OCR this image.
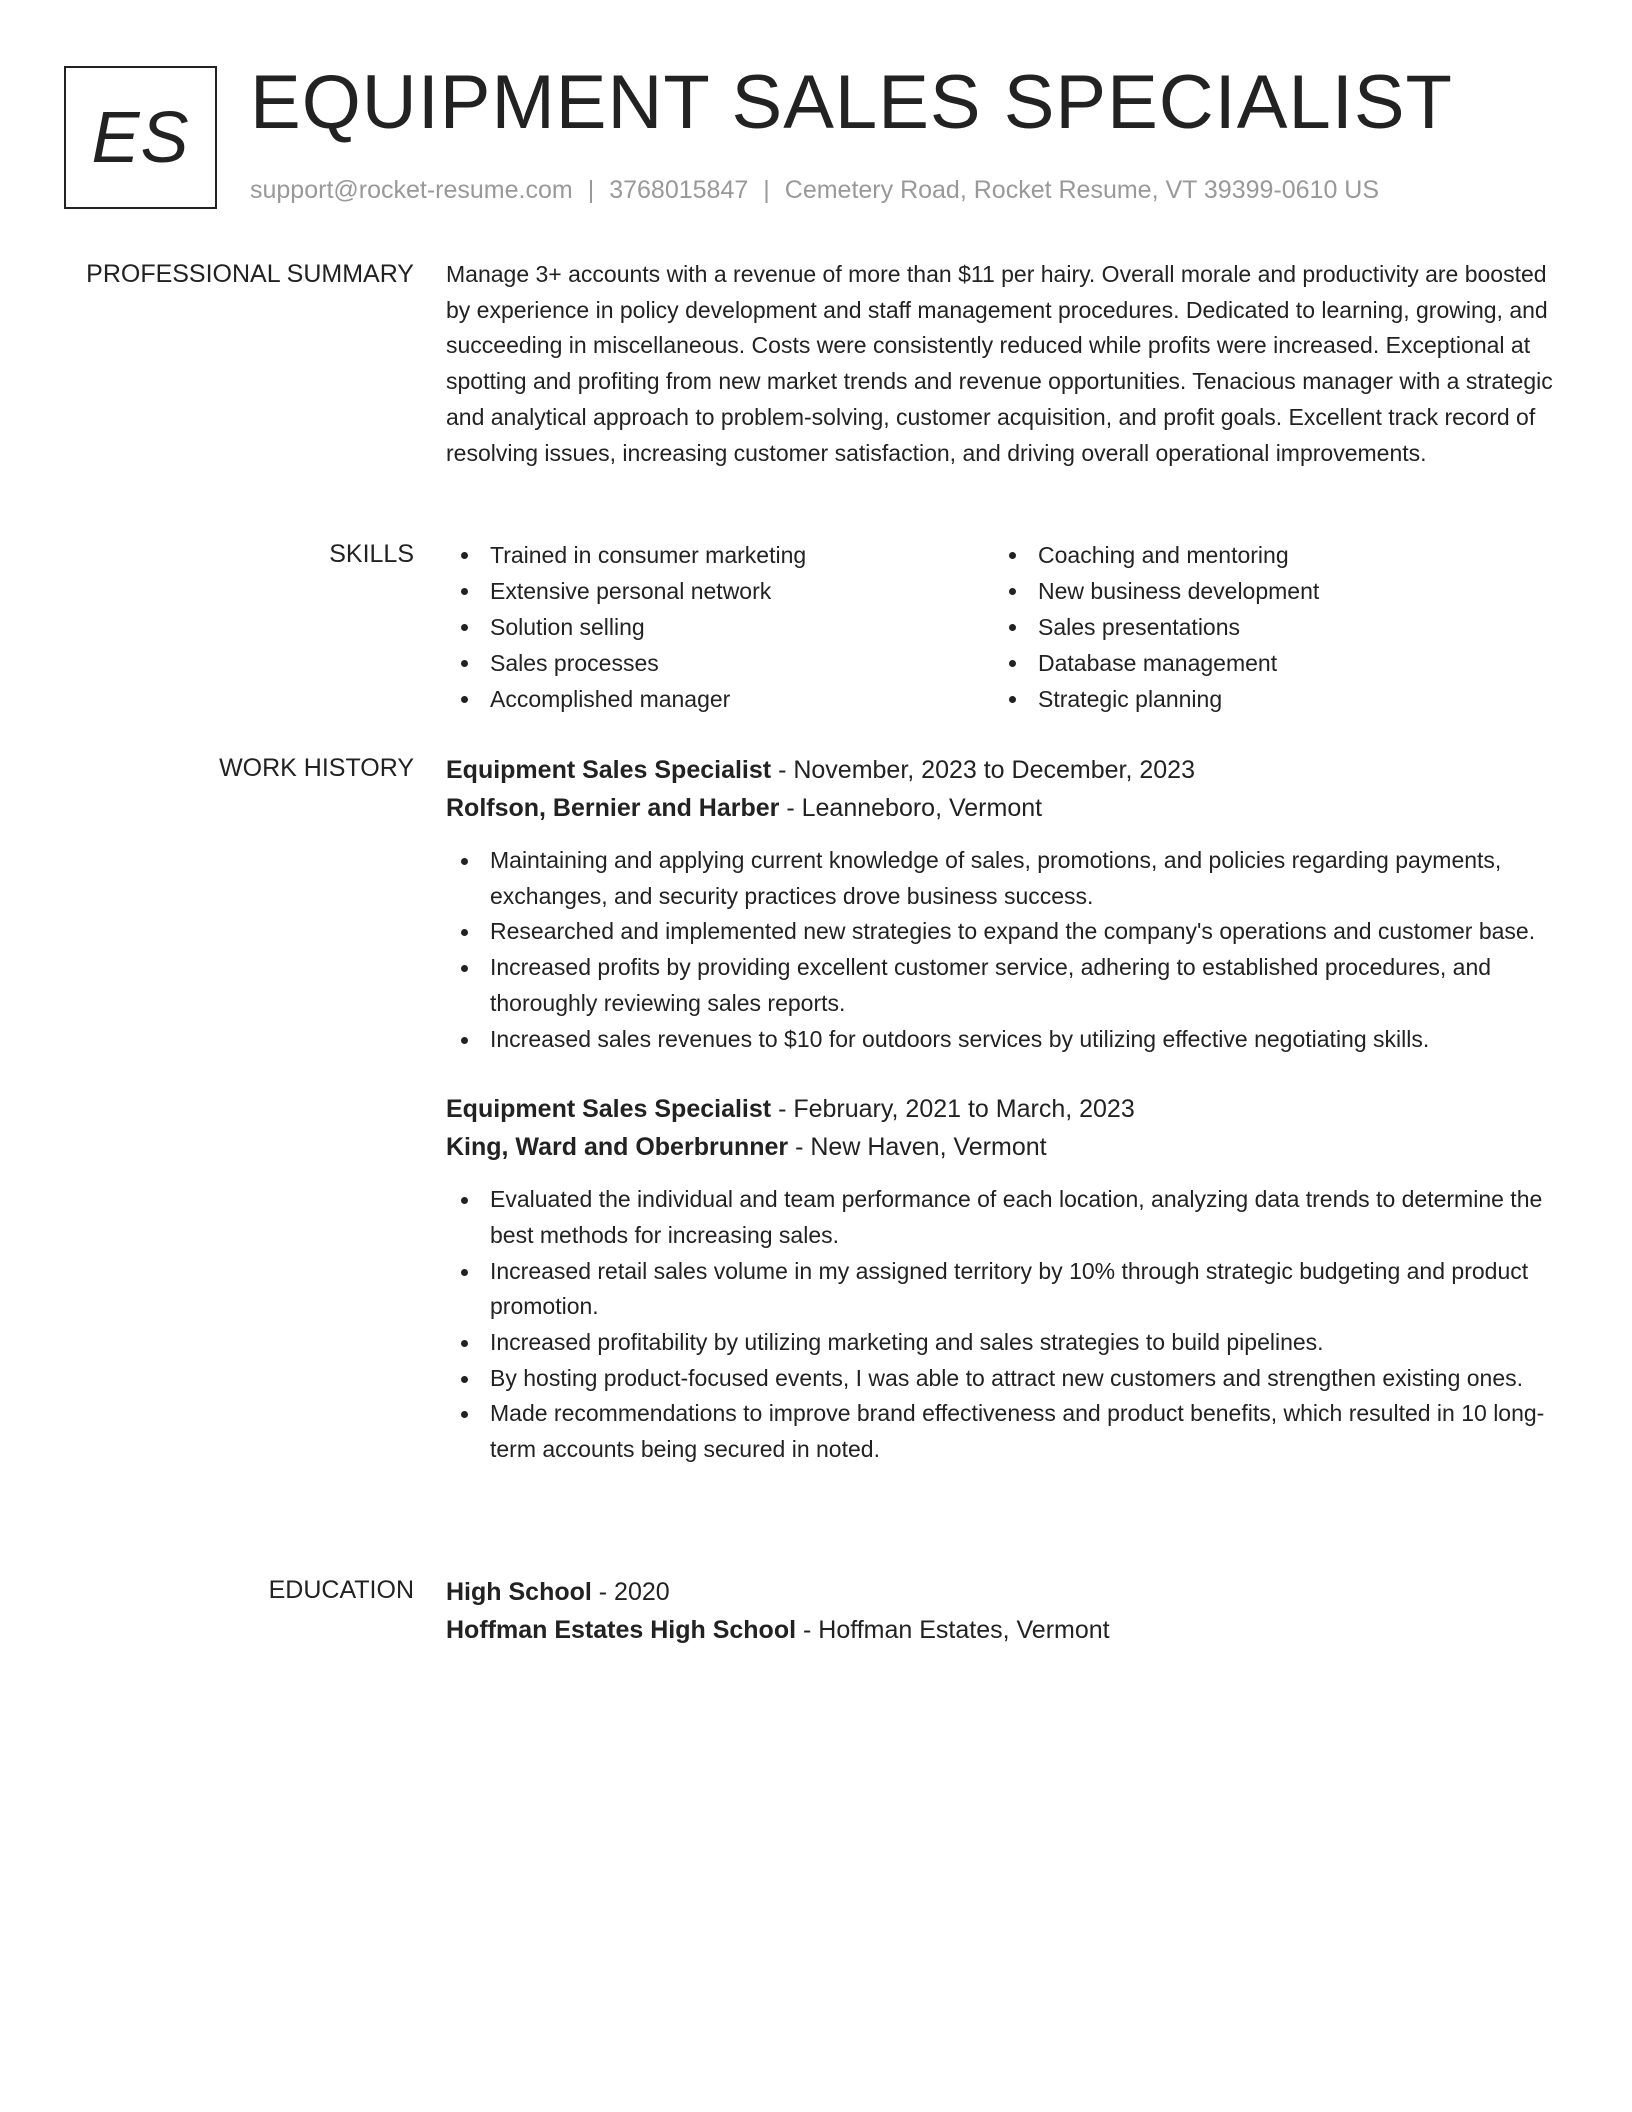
ES EQUIPMENT SALES SPECIALIST
support@rocket-resume.com | 3768015847 | Cemetery Road, Rocket Resume, VT 39399-0610 US
PROFESSIONAL SUMMARY Manage 3+ accounts with a revenue of more than $11 per hairy. Overall morale and productivity are boosted by experience in policy development and staff management procedures. Dedicated to learning, growing, and succeeding in miscellaneous. Costs were consistently reduced while profits were increased. Exceptional at spotting and profiting from new market trends and revenue opportunities. Tenacious manager with a strategic and analytical approach to problem-solving, customer acquisition, and profit goals. Excellent track record of resolving issues, increasing customer satisfaction, and driving overall operational improvements.

SKILLS	Trained in consumer marketing
Extensive personal network
Solution selling
Sales processes
Accomplished manager
Coaching and mentoring
New business development
Sales presentations
Database management
Strategic planning
WORK HISTORY Equipment Sales Specialist - November, 2023 to December, 2023
Rolfson, Bernier and Harber - Leanneboro, Vermont
Maintaining and applying current knowledge of sales, promotions, and policies regarding payments, exchanges, and security practices drove business success.
Researched and implemented new strategies to expand the company's operations and customer base.
Increased profits by providing excellent customer service, adhering to established procedures, and thoroughly reviewing sales reports.
Increased sales revenues to $10 for outdoors services by utilizing effective negotiating skills.
Equipment Sales Specialist - February, 2021 to March, 2023
King, Ward and Oberbrunner - New Haven, Vermont
Evaluated the individual and team performance of each location, analyzing data trends to determine the best methods for increasing sales.
Increased retail sales volume in my assigned territory by 10% through strategic budgeting and product promotion.
Increased profitability by utilizing marketing and sales strategies to build pipelines.
By hosting product-focused events, I was able to attract new customers and strengthen existing ones.
Made recommendations to improve brand effectiveness and product benefits, which resulted in 10 long-term accounts being secured in noted.
EDUCATION High School - 2020
Hoffman Estates High School - Hoffman Estates, Vermont
